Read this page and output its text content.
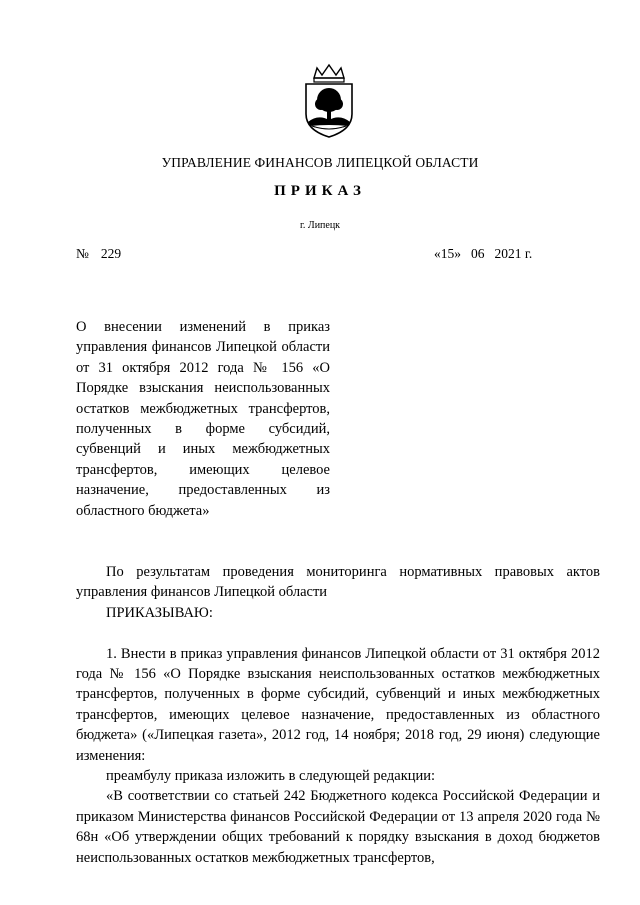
УПРАВЛЕНИЕ ФИНАНСОВ ЛИПЕЦКОЙ ОБЛАСТИ
ПРИКАЗ
г. Липецк
№ 229	«15» 06 2021 г.
О внесении изменений в приказ управления финансов Липецкой области от 31 октября 2012 года № 156 «О Порядке взыскания неиспользованных остатков межбюджетных трансфертов, полученных в форме субсидий, субвенций и иных межбюджетных трансфертов, имеющих целевое назначение, предоставленных из областного бюджета»

По результатам проведения мониторинга нормативных правовых актов управления финансов Липецкой области

ПРИКАЗЫВАЮ:

1. Внести в приказ управления финансов Липецкой области от 31 октября 2012 года № 156 «О Порядке взыскания неиспользованных остатков межбюджетных трансфертов, полученных в форме субсидий, субвенций и иных межбюджетных трансфертов, имеющих целевое назначение, предоставленных из областного бюджета» («Липецкая газета», 2012 год, 14 ноября; 2018 год, 29 июня) следующие изменения:

преамбулу приказа изложить в следующей редакции:

«В соответствии со статьей 242 Бюджетного кодекса Российской Федерации и приказом Министерства финансов Российской Федерации от 13 апреля 2020 года № 68н «Об утверждении общих требований к порядку взыскания в доход бюджетов неиспользованных остатков межбюджетных трансфертов,
